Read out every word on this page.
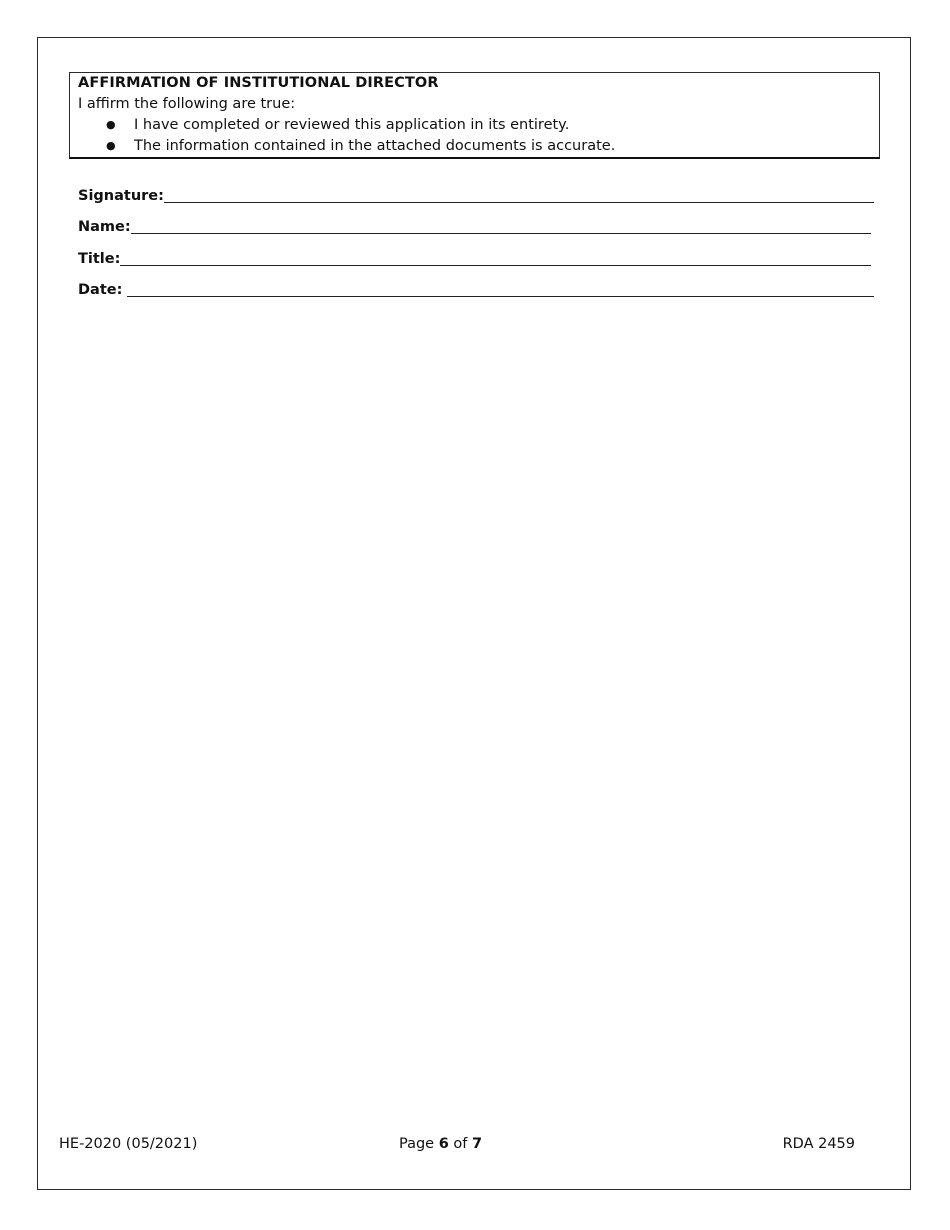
AFFIRMATION OF INSTITUTIONAL DIRECTOR
I affirm the following are true:
● I have completed or reviewed this application in its entirety.
● The information contained in the attached documents is accurate.
Signature:
Name:
Title:
Date:
HE-2020 (05/2021)	Page 6 of 7	RDA 2459
